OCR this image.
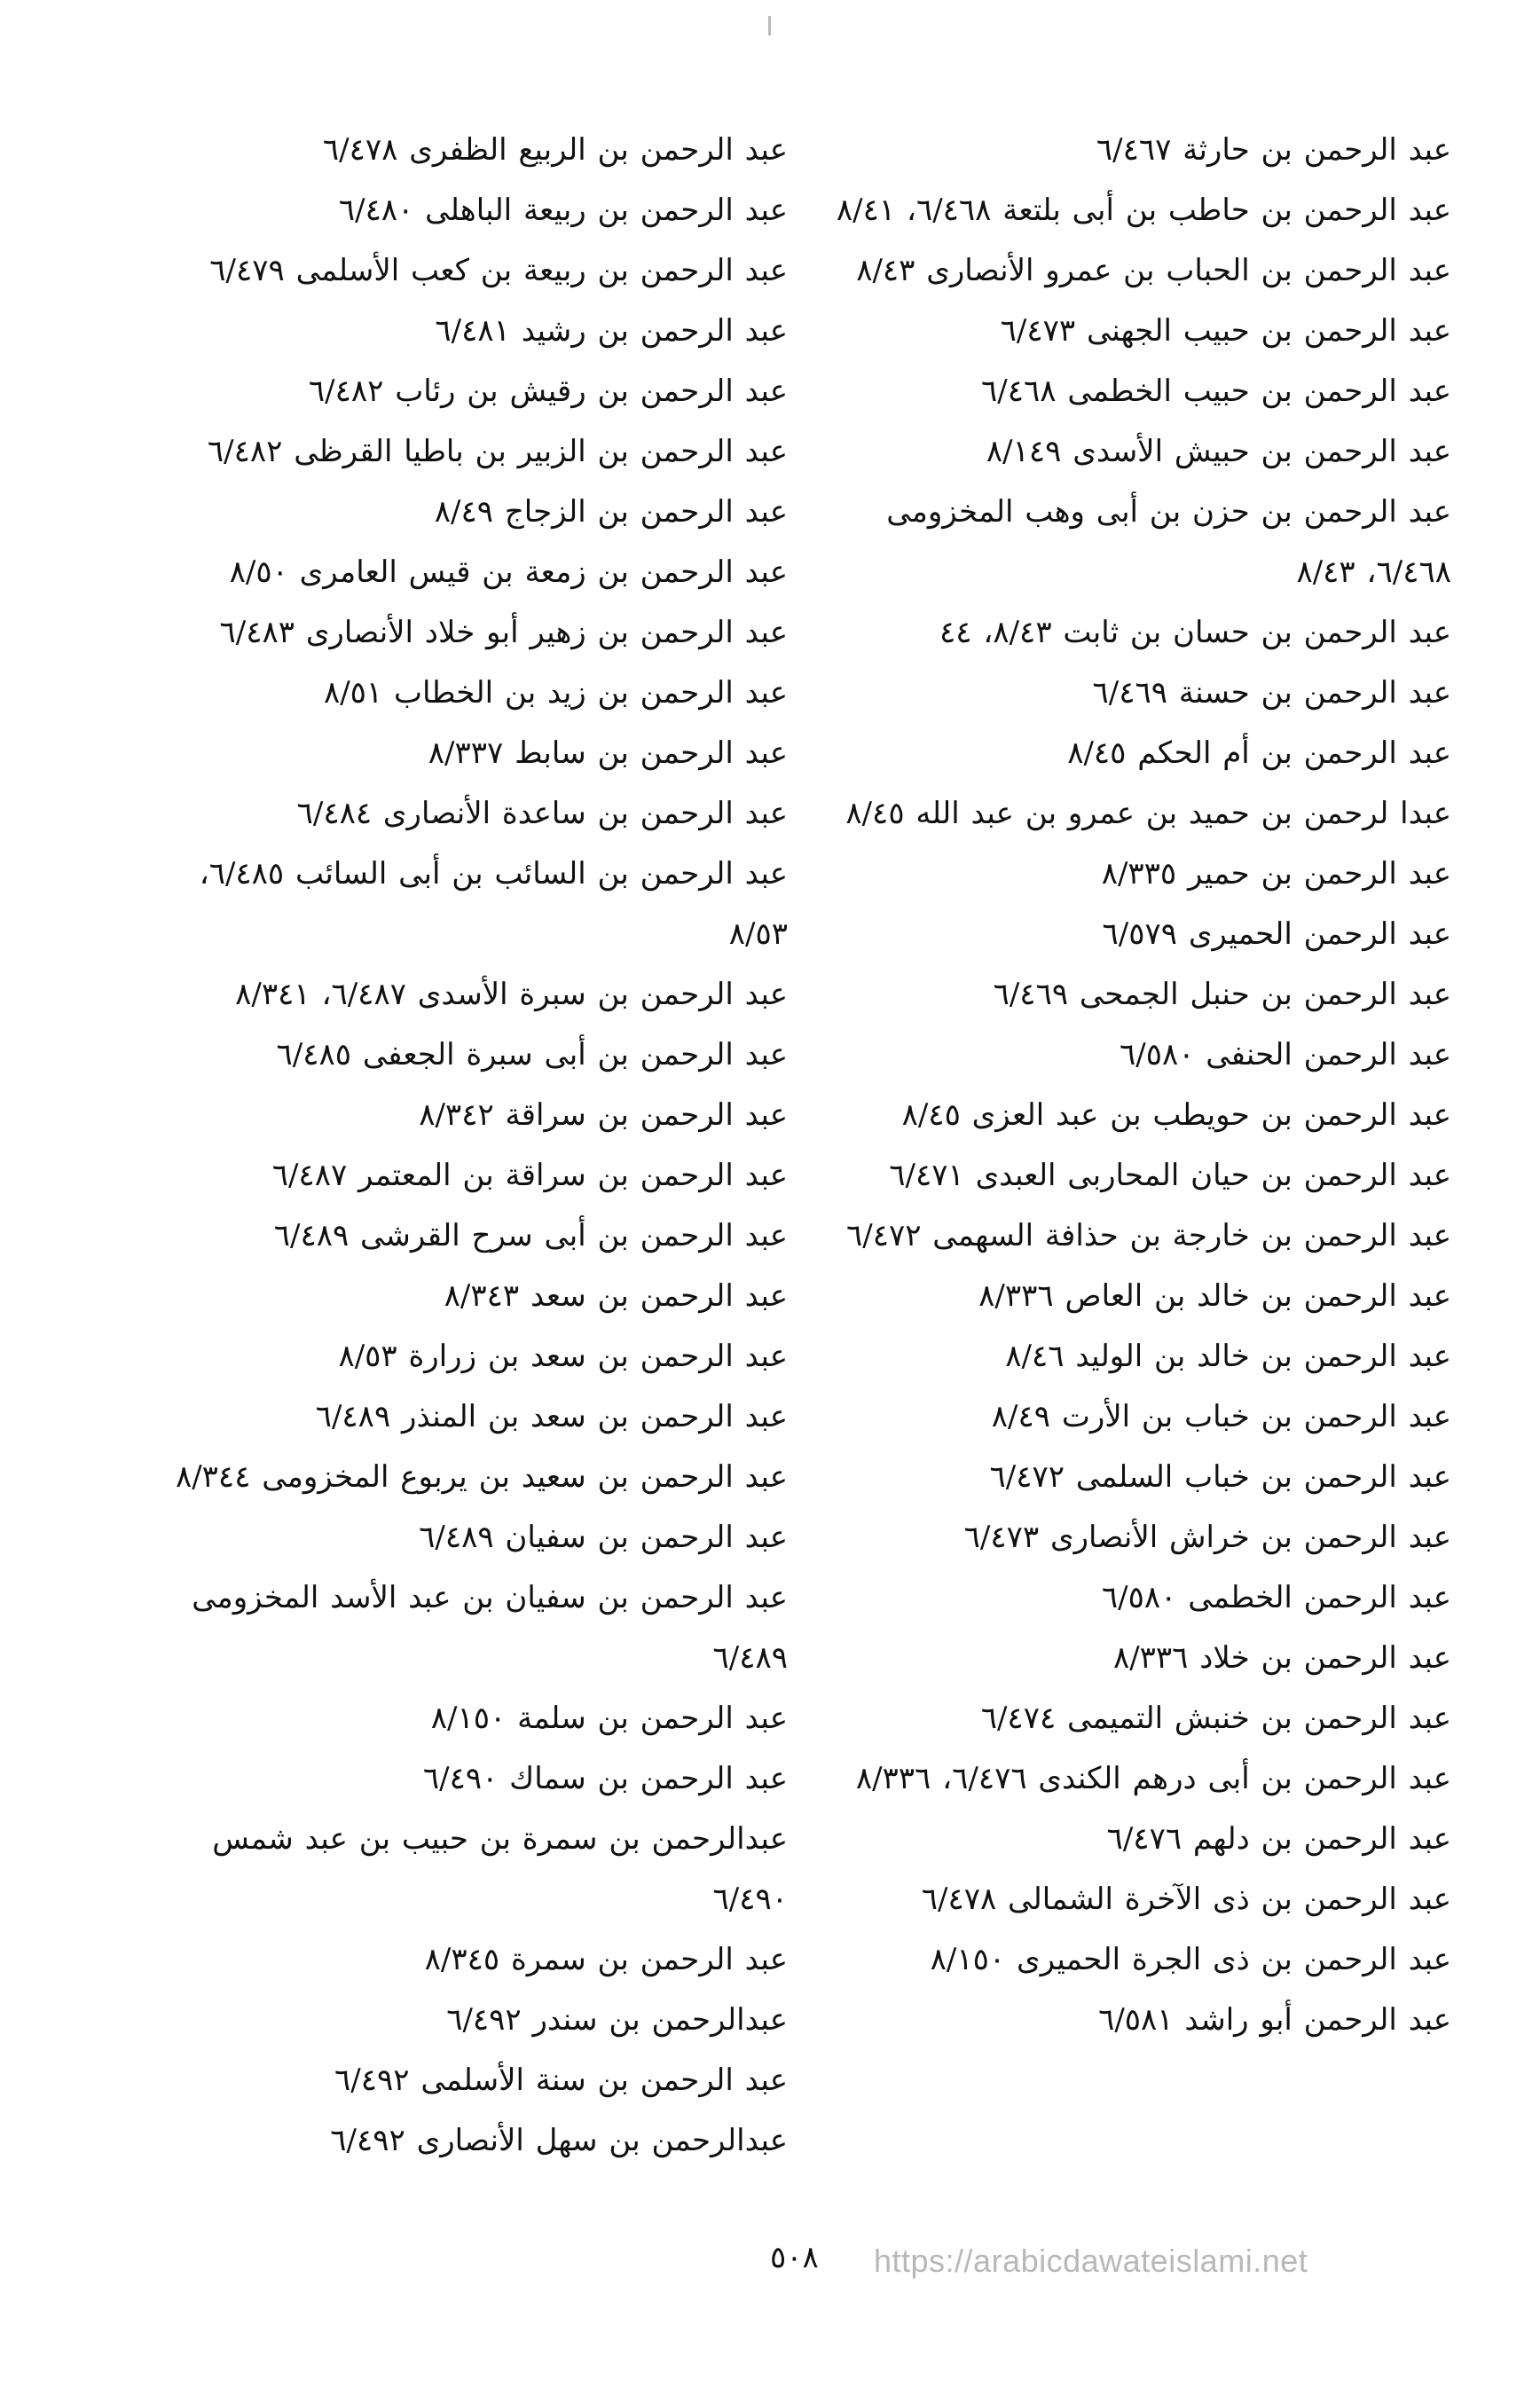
عبد الرحمن بن حارثة ٦/٤٦٧

عبد الرحمن بن حاطب بن أبى بلتعة ٦/٤٦٨، ٨/٤١

عبد الرحمن بن الحباب بن عمرو الأنصارى ٨/٤٣

عبد الرحمن بن حبيب الجهنى ٦/٤٧٣

عبد الرحمن بن حبيب الخطمى ٦/٤٦٨

عبد الرحمن بن حبيش الأسدى ٨/١٤٩

عبد الرحمن بن حزن بن أبى وهب المخزومى ٦/٤٦٨، ٨/٤٣

عبد الرحمن بن حسان بن ثابت ٨/٤٣، ٤٤

عبد الرحمن بن حسنة ٦/٤٦٩

عبد الرحمن بن أم الحكم ٨/٤٥

عبدا لرحمن بن حميد بن عمرو بن عبد الله ٨/٤٥

عبد الرحمن بن حمير ٨/٣٣٥

عبد الرحمن الحميرى ٦/٥٧٩

عبد الرحمن بن حنبل الجمحى ٦/٤٦٩

عبد الرحمن الحنفى ٦/٥٨٠

عبد الرحمن بن حويطب بن عبد العزى ٨/٤٥

عبد الرحمن بن حيان المحاربى العبدى ٦/٤٧١

عبد الرحمن بن خارجة بن حذافة السهمى ٦/٤٧٢

عبد الرحمن بن خالد بن العاص ٨/٣٣٦

عبد الرحمن بن خالد بن الوليد ٨/٤٦

عبد الرحمن بن خباب بن الأرت ٨/٤٩

عبد الرحمن بن خباب السلمى ٦/٤٧٢

عبد الرحمن بن خراش الأنصارى ٦/٤٧٣

عبد الرحمن الخطمى ٦/٥٨٠

عبد الرحمن بن خلاد ٨/٣٣٦

عبد الرحمن بن خنبش التميمى ٦/٤٧٤

عبد الرحمن بن أبى درهم الكندى ٦/٤٧٦، ٨/٣٣٦

عبد الرحمن بن دلهم ٦/٤٧٦

عبد الرحمن بن ذى الآخرة الشمالى ٦/٤٧٨

عبد الرحمن بن ذى الجرة الحميرى ٨/١٥٠

عبد الرحمن أبو راشد ٦/٥٨١

عبد الرحمن بن الربيع الظفرى ٦/٤٧٨

عبد الرحمن بن ربيعة الباهلى ٦/٤٨٠

عبد الرحمن بن ربيعة بن كعب الأسلمى ٦/٤٧٩

عبد الرحمن بن رشيد ٦/٤٨١

عبد الرحمن بن رقيش بن رئاب ٦/٤٨٢

عبد الرحمن بن الزبير بن باطيا القرظى ٦/٤٨٢

عبد الرحمن بن الزجاج ٨/٤٩

عبد الرحمن بن زمعة بن قيس العامرى ٨/٥٠

عبد الرحمن بن زهير أبو خلاد الأنصارى ٦/٤٨٣

عبد الرحمن بن زيد بن الخطاب ٨/٥١

عبد الرحمن بن سابط ٨/٣٣٧

عبد الرحمن بن ساعدة الأنصارى ٦/٤٨٤

عبد الرحمن بن السائب بن أبى السائب ٦/٤٨٥، ٨/٥٣

عبد الرحمن بن سبرة الأسدى ٦/٤٨٧، ٨/٣٤١

عبد الرحمن بن أبى سبرة الجعفى ٦/٤٨٥

عبد الرحمن بن سراقة ٨/٣٤٢

عبد الرحمن بن سراقة بن المعتمر ٦/٤٨٧

عبد الرحمن بن أبى سرح القرشى ٦/٤٨٩

عبد الرحمن بن سعد ٨/٣٤٣

عبد الرحمن بن سعد بن زرارة ٨/٥٣

عبد الرحمن بن سعد بن المنذر ٦/٤٨٩

عبد الرحمن بن سعيد بن يربوع المخزومى ٨/٣٤٤

عبد الرحمن بن سفيان ٦/٤٨٩

عبد الرحمن بن سفيان بن عبد الأسد المخزومى ٦/٤٨٩

عبد الرحمن بن سلمة ٨/١٥٠

عبد الرحمن بن سماك ٦/٤٩٠

عبدالرحمن بن سمرة بن حبيب بن عبد شمس ٦/٤٩٠

عبد الرحمن بن سمرة ٨/٣٤٥

عبدالرحمن بن سندر ٦/٤٩٢

عبد الرحمن بن سنة الأسلمى ٦/٤٩٢

عبدالرحمن بن سهل الأنصارى ٦/٤٩٢

٥٠٨ https://arabicdawateislami.net
